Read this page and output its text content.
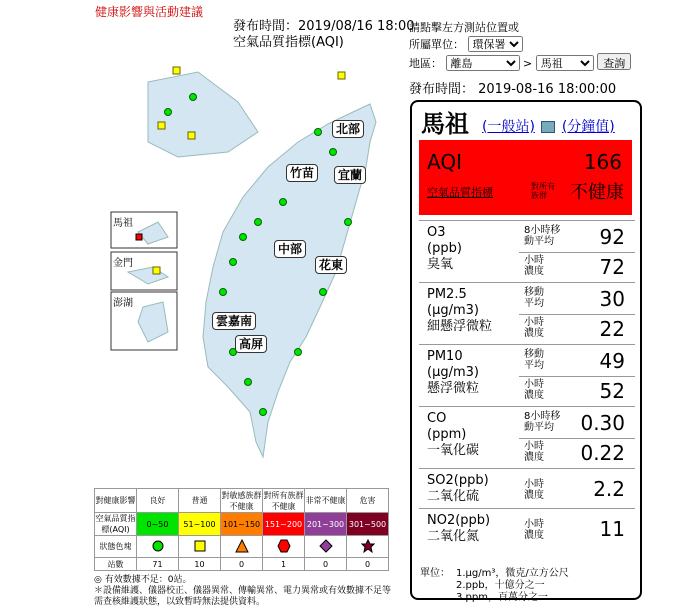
健康影響與活動建議
發布時間：2019/08/16 18:00
空氣品質指標(AQI)
請點擊左方測站位置或
所屬單位：
環保署
地區：
離島	>
馬祖	查詢
北部
竹苗	宜蘭
中部
花東
雲嘉南
高屏
馬祖
金門
澎湖
對健康影響	良好	普通	對敏感族群不健康	對所有族群不健康	非常不健康	危害
空氣品質指標(AQI)	0~50	51~100	101~150	151~200	201~300	301~500
狀態色塊						
站數	71	10	0	1	0	0
◎ 有效數據不足：0站。
＊設備維護、儀器校正、儀器異常、傳輸異常、電力異常或有效數據不足等
需查核維護狀態，以致暫時無法提供資料。
發布時間： 2019-08-16 18:00:00
馬祖 (一般站) (分鐘值)
AQI	166
空氣品質指標	對所有族群	不健康
O3
(ppb)
臭氧
8小時移動平均	92
小時濃度	72
PM2.5
(μg/m3)
細懸浮微粒
移動平均	30
小時濃度	22
PM10
(μg/m3)
懸浮微粒
移動平均	49
小時濃度	52
CO
(ppm)
一氧化碳
8小時移動平均	0.30
小時濃度 0.22
SO2(ppb)
二氧化硫
小時濃度 2.2
NO2(ppb)
二氧化氮
小時濃度	11
單位： 1.μg/m³，微克/立方公尺
2.ppb，十億分之一
3.ppm，百萬分之一
